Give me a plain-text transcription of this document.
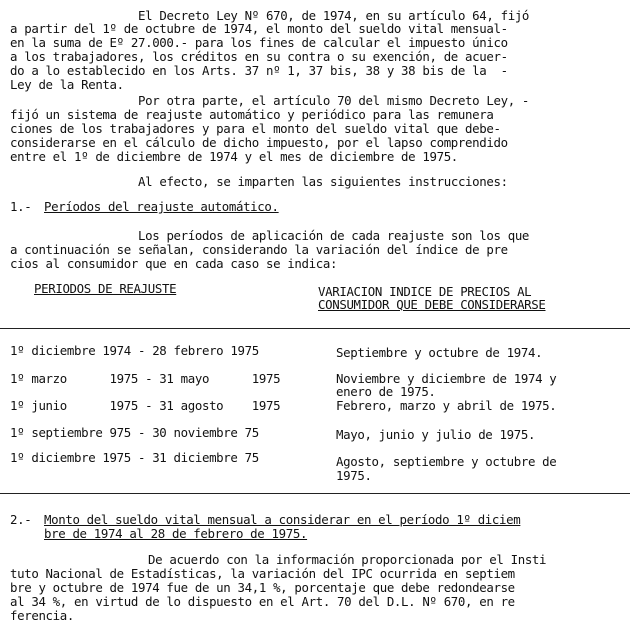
El Decreto Ley Nº 670, de 1974, en su artículo 64, fijó
a partir del 1º de octubre de 1974, el monto del sueldo vital mensual-
en la suma de Eº 27.000.- para los fines de calcular el impuesto único
a los trabajadores, los créditos en su contra o su exención, de acuer-
do a lo establecido en los Arts. 37 nº 1, 37 bis, 38 y 38 bis de la  -
Ley de la Renta.
Por otra parte, el artículo 70 del mismo Decreto Ley, -
fijó un sistema de reajuste automático y periódico para las remunera
ciones de los trabajadores y para el monto del sueldo vital que debe-
considerarse en el cálculo de dicho impuesto, por el lapso comprendido
entre el 1º de diciembre de 1974 y el mes de diciembre de 1975.
Al efecto, se imparten las siguientes instrucciones:
1.- Períodos del reajuste automático.
Los períodos de aplicación de cada reajuste son los que
a continuación se señalan, considerando la variación del índice de pre
cios al consumidor que en cada caso se indica:
PERIODOS DE REAJUSTE	VARIACION INDICE DE PRECIOS AL
CONSUMIDOR QUE DEBE CONSIDERARSE
1º diciembre 1974 - 28 febrero 1975	Septiembre y octubre de 1974.
1º marzo      1975 - 31 mayo      1975	Noviembre y diciembre de 1974 y
enero de 1975.
1º junio      1975 - 31 agosto    1975	Febrero, marzo y abril de 1975.
1º septiembre 975 - 30 noviembre 75	Mayo, junio y julio de 1975.
1º diciembre 1975 - 31 diciembre 75	Agosto, septiembre y octubre de
1975.
2.- Monto del sueldo vital mensual a considerar en el período 1º diciem
bre de 1974 al 28 de febrero de 1975.
De acuerdo con la información proporcionada por el Insti
tuto Nacional de Estadísticas, la variación del IPC ocurrida en septiem
bre y octubre de 1974 fue de un 34,1 %, porcentaje que debe redondearse
al 34 %, en virtud de lo dispuesto en el Art. 70 del D.L. Nº 670, en re
ferencia.
